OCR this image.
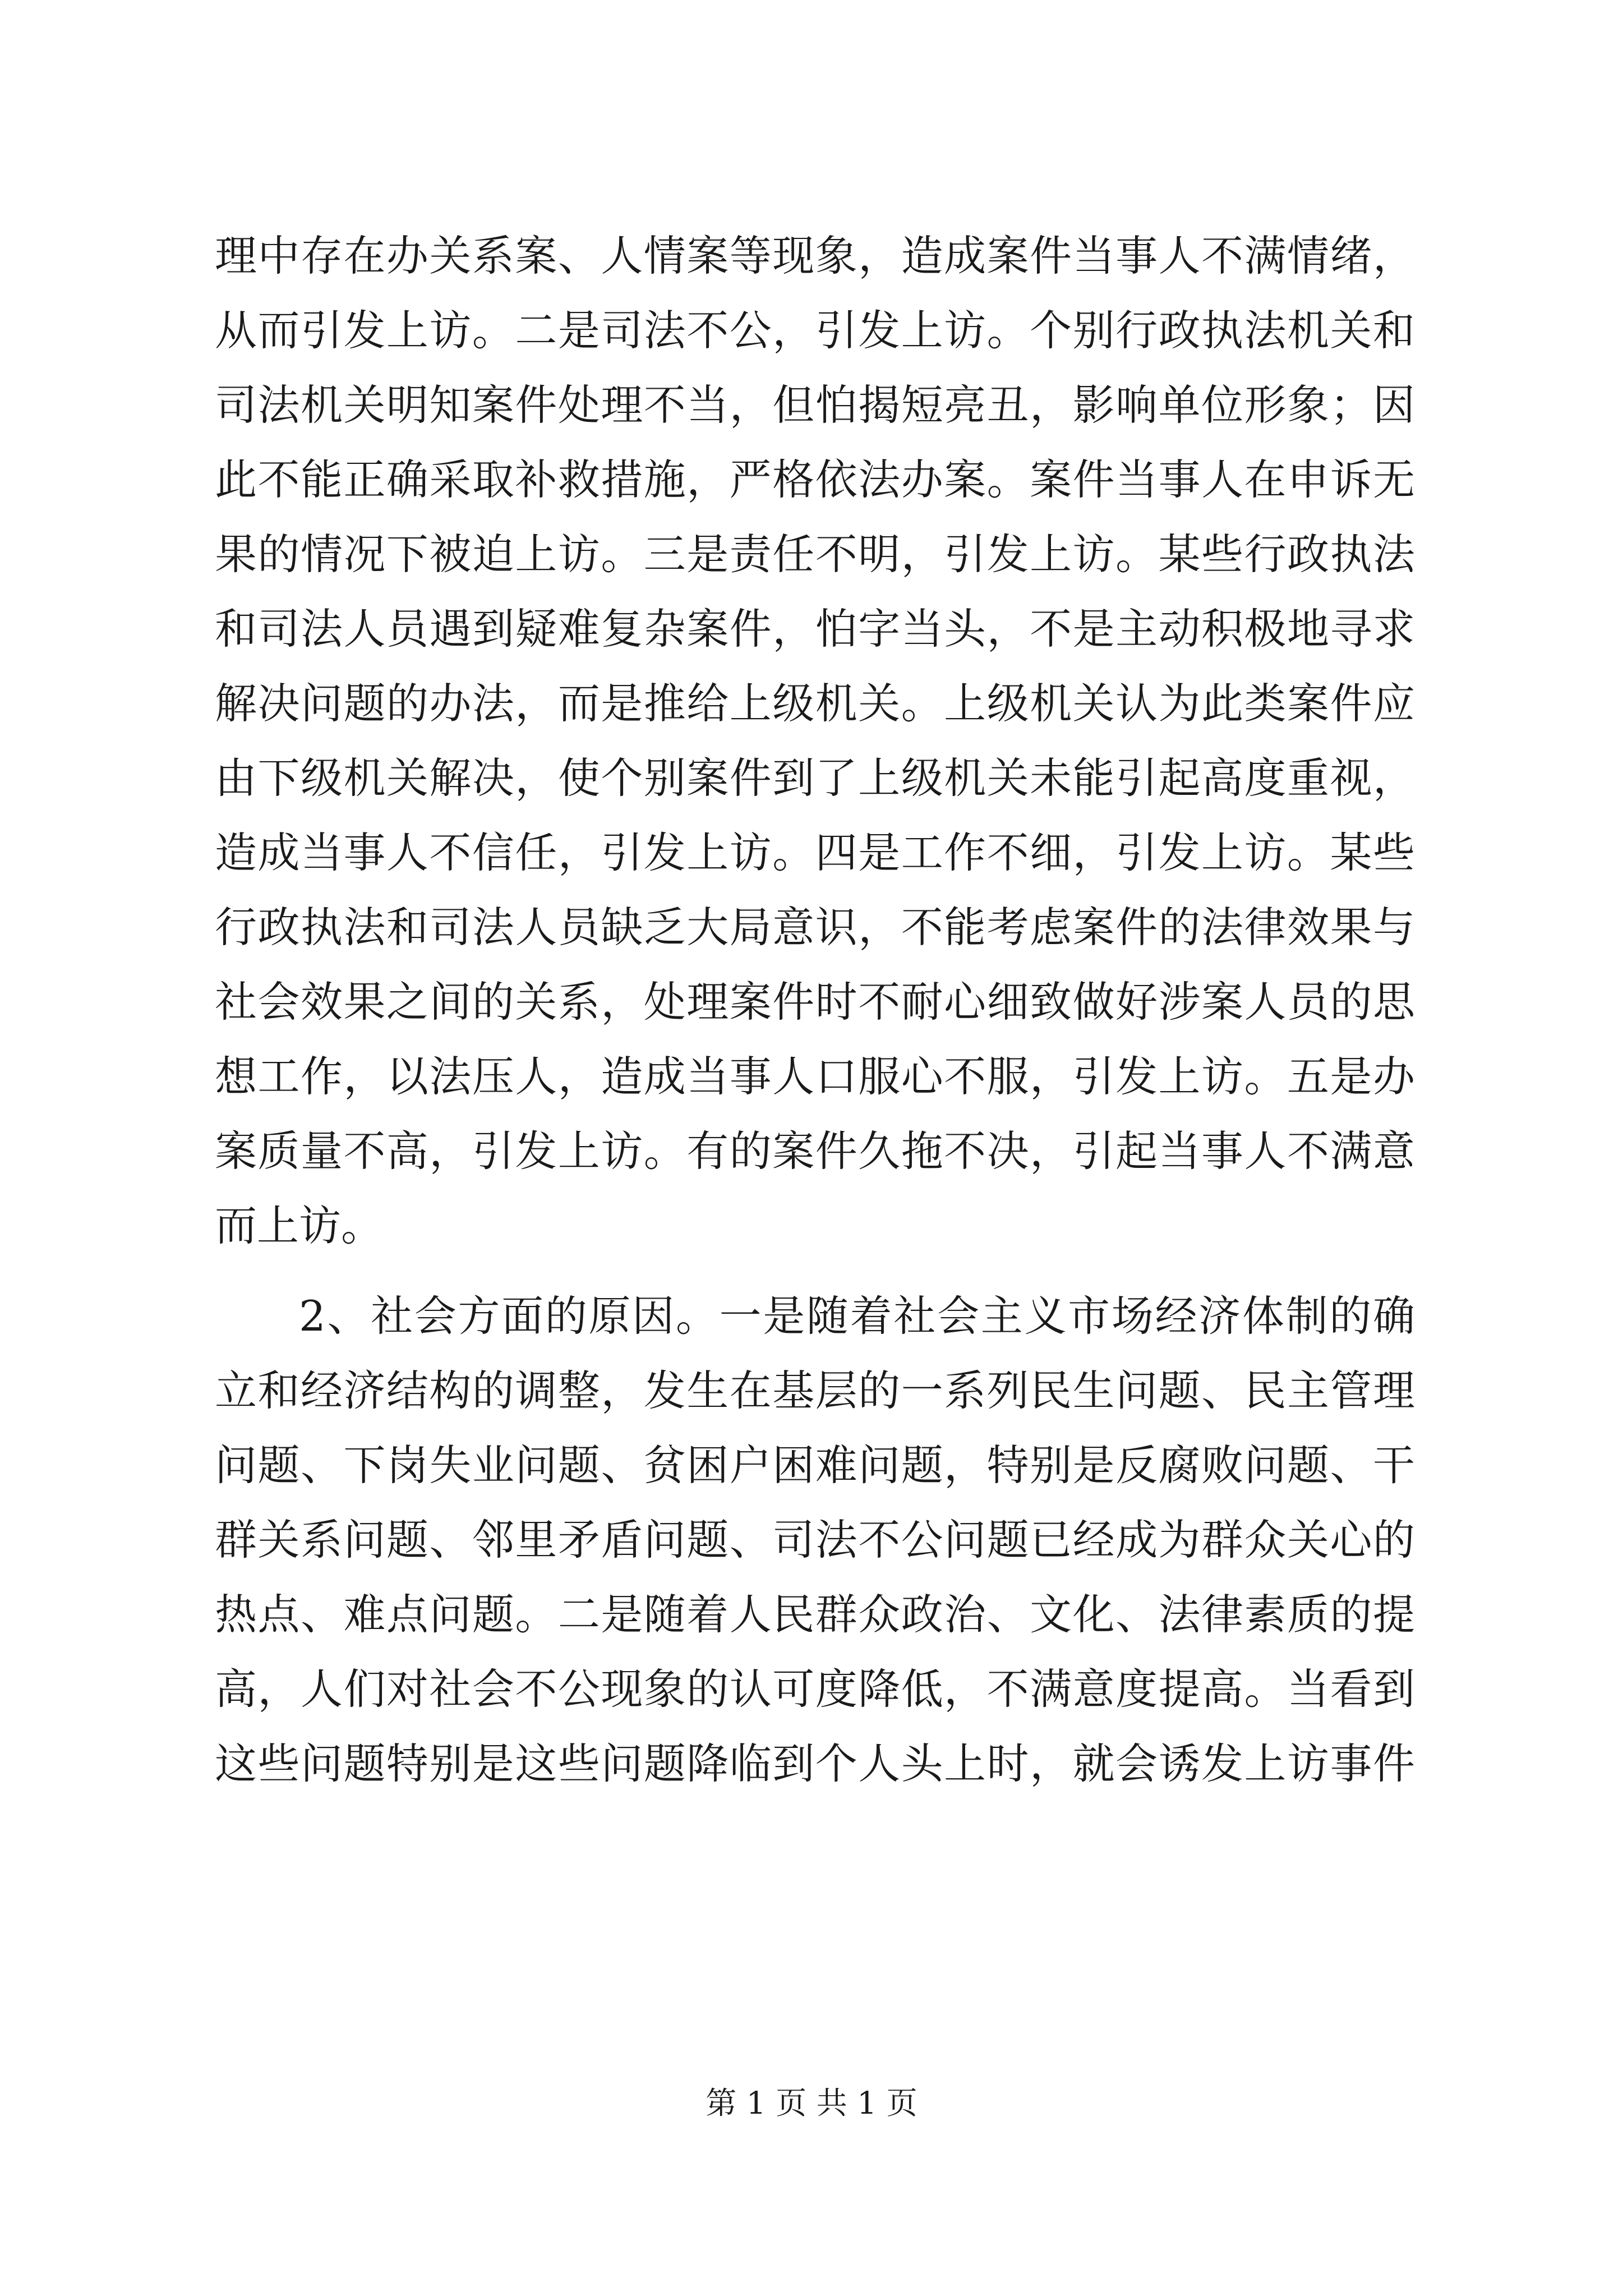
理中存在办关系案、人情案等现象，造成案件当事人不满情绪，
从而引发上访。二是司法不公，引发上访。个别行政执法机关和
司法机关明知案件处理不当，但怕揭短亮丑，影响单位形象；因
此不能正确采取补救措施，严格依法办案。案件当事人在申诉无
果的情况下被迫上访。三是责任不明，引发上访。某些行政执法
和司法人员遇到疑难复杂案件，怕字当头，不是主动积极地寻求
解决问题的办法，而是推给上级机关。上级机关认为此类案件应
由下级机关解决，使个别案件到了上级机关未能引起高度重视，
造成当事人不信任，引发上访。四是工作不细，引发上访。某些
行政执法和司法人员缺乏大局意识，不能考虑案件的法律效果与
社会效果之间的关系，处理案件时不耐心细致做好涉案人员的思
想工作，以法压人，造成当事人口服心不服，引发上访。五是办
案质量不高，引发上访。有的案件久拖不决，引起当事人不满意
而上访。
2、社会方面的原因。一是随着社会主义市场经济体制的确
立和经济结构的调整，发生在基层的一系列民生问题、民主管理
问题、下岗失业问题、贫困户困难问题，特别是反腐败问题、干
群关系问题、邻里矛盾问题、司法不公问题已经成为群众关心的
热点、难点问题。二是随着人民群众政治、文化、法律素质的提
高，人们对社会不公现象的认可度降低，不满意度提高。当看到
这些问题特别是这些问题降临到个人头上时，就会诱发上访事件
第 1 页 共 1 页
